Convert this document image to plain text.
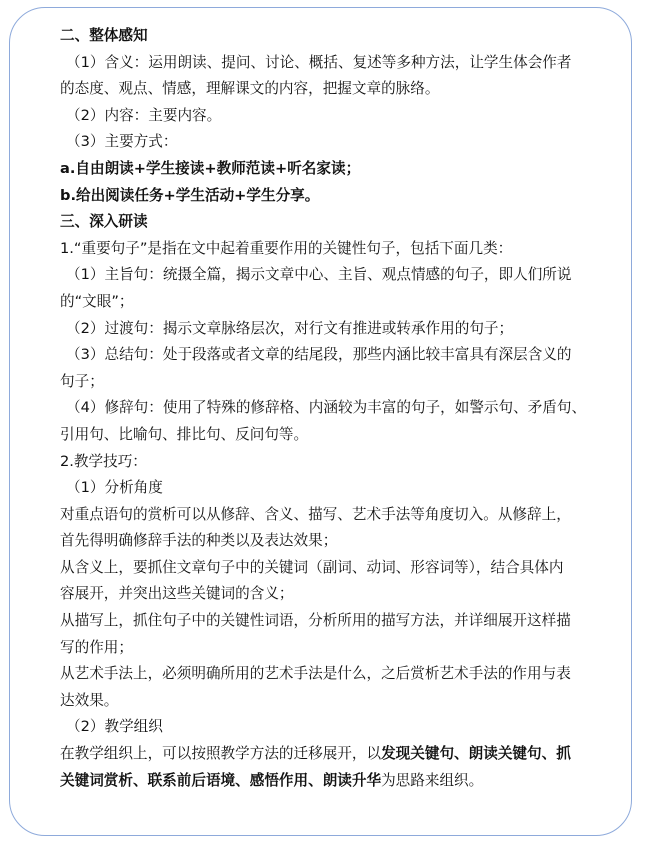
二、整体感知
（1）含义：运用朗读、提问、讨论、概括、复述等多种方法，让学生体会作者
的态度、观点、情感，理解课文的内容，把握文章的脉络。
（2）内容：主要内容。
（3）主要方式：
a.自由朗读+学生接读+教师范读+听名家读；
b.给出阅读任务+学生活动+学生分享。
三、深入研读
1.“重要句子”是指在文中起着重要作用的关键性句子，包括下面几类：
（1）主旨句：统摄全篇，揭示文章中心、主旨、观点情感的句子，即人们所说
的“文眼”；
（2）过渡句：揭示文章脉络层次，对行文有推进或转承作用的句子；
（3）总结句：处于段落或者文章的结尾段，那些内涵比较丰富具有深层含义的
句子；
（4）修辞句：使用了特殊的修辞格、内涵较为丰富的句子，如警示句、矛盾句、
引用句、比喻句、排比句、反问句等。
2.教学技巧：
（1）分析角度
对重点语句的赏析可以从修辞、含义、描写、艺术手法等角度切入。从修辞上，
首先得明确修辞手法的种类以及表达效果；
从含义上，要抓住文章句子中的关键词（副词、动词、形容词等），结合具体内
容展开，并突出这些关键词的含义；
从描写上，抓住句子中的关键性词语，分析所用的描写方法，并详细展开这样描
写的作用；
从艺术手法上，必须明确所用的艺术手法是什么，之后赏析艺术手法的作用与表
达效果。
（2）教学组织
在教学组织上，可以按照教学方法的迁移展开，以发现关键句、朗读关键句、抓
关键词赏析、联系前后语境、感悟作用、朗读升华为思路来组织。
